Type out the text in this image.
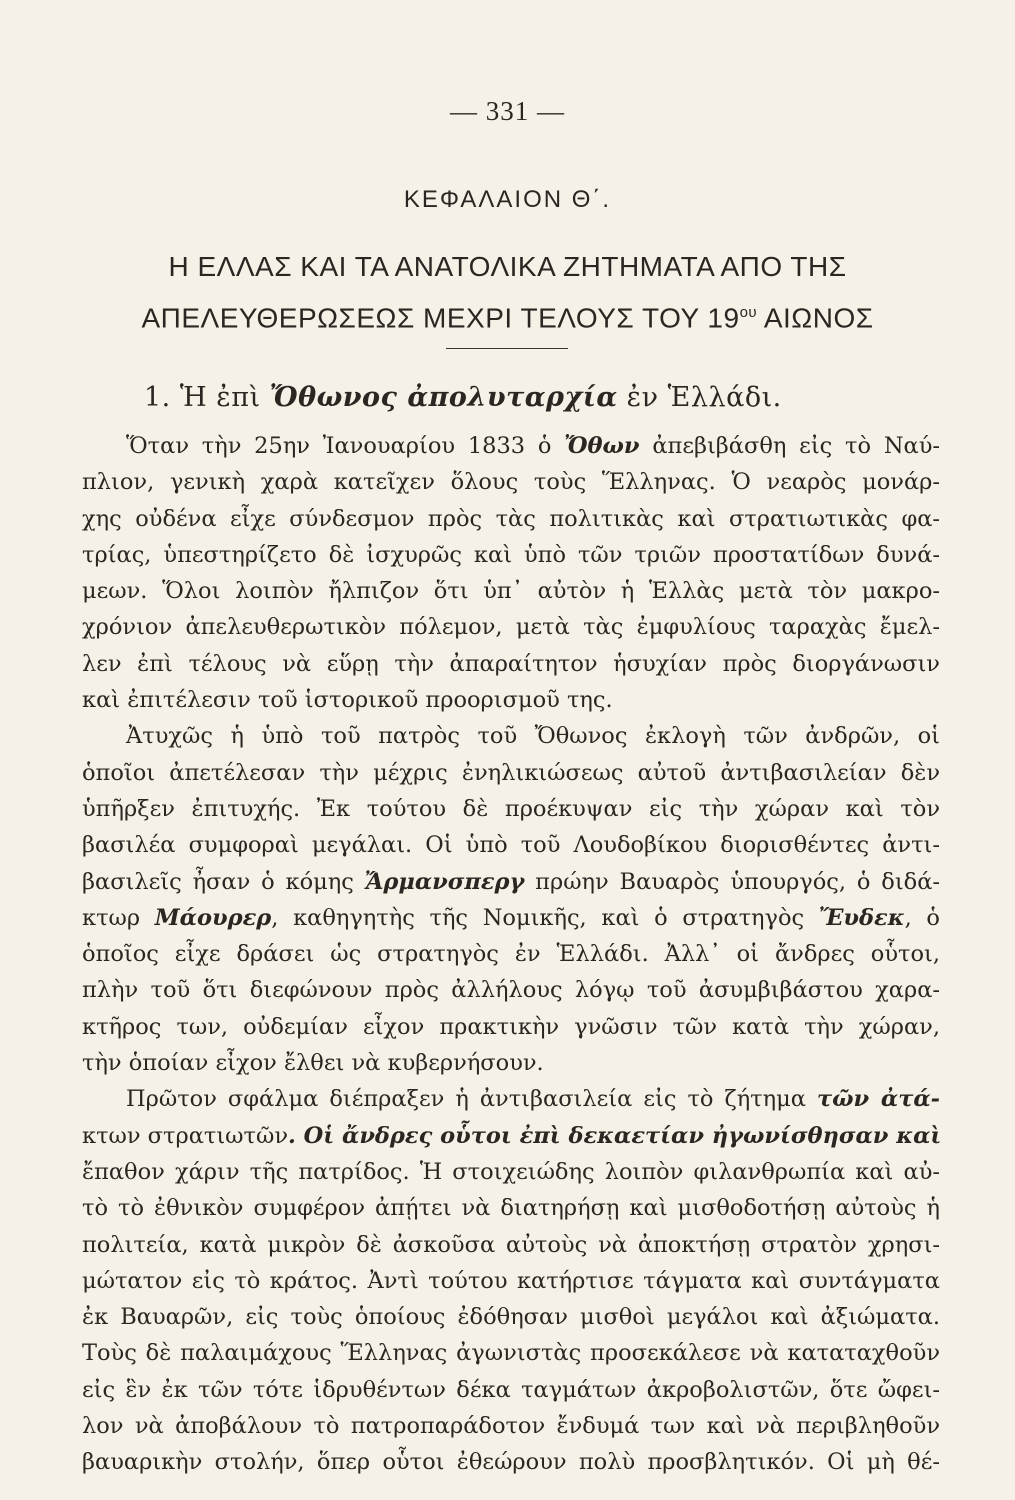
— 331 —
ΚΕΦΑΛΑΙΟΝ Θ΄.
Η ΕΛΛΑΣ ΚΑΙ ΤΑ ΑΝΑΤΟΛΙΚΑ ΖΗΤΗΜΑΤΑ ΑΠΟ ΤΗΣ
ΑΠΕΛΕΥΘΕΡΩΣΕΩΣ ΜΕΧΡΙ ΤΕΛΟΥΣ ΤΟΥ $19^{o\upsilon}$ ΑΙΩΝΟΣ
1. Ἡ ἐπὶ Ὄθωνος ἀπολυταρχία ἐν Ἑλλάδι.
Ὅταν τὴν 25ην Ἰανουαρίου 1833 ὁ Ὄθων ἀπεβιβάσθη εἰς τὸ Ναύ-
πλιον, γενικὴ χαρὰ κατεῖχεν ὅλους τοὺς Ἕλληνας. Ὁ νεαρὸς μονάρ-
χης οὐδένα εἶχε σύνδεσμον πρὸς τὰς πολιτικὰς καὶ στρατιωτικὰς φα-
τρίας, ὑπεστηρίζετο δὲ ἰσχυρῶς καὶ ὑπὸ τῶν τριῶν προστατίδων δυνά-
μεων. Ὅλοι λοιπὸν ἤλπιζον ὅτι ὑπ᾽ αὐτὸν ἡ Ἑλλὰς μετὰ τὸν μακρο-
χρόνιον ἀπελευθερωτικὸν πόλεμον, μετὰ τὰς ἐμφυλίους ταραχὰς ἔμελ-
λεν ἐπὶ τέλους νὰ εὕρῃ τὴν ἀπαραίτητον ἡσυχίαν πρὸς διοργάνωσιν
καὶ ἐπιτέλεσιν τοῦ ἱστορικοῦ προορισμοῦ της.
Ἀτυχῶς ἡ ὑπὸ τοῦ πατρὸς τοῦ Ὄθωνος ἐκλογὴ τῶν ἀνδρῶν, οἱ
ὁποῖοι ἀπετέλεσαν τὴν μέχρις ἐνηλικιώσεως αὐτοῦ ἀντιβασιλείαν δὲν
ὑπῆρξεν ἐπιτυχής. Ἐκ τούτου δὲ προέκυψαν εἰς τὴν χώραν καὶ τὸν
βασιλέα συμφοραὶ μεγάλαι. Οἱ ὑπὸ τοῦ Λουδοβίκου διορισθέντες ἀντι-
βασιλεῖς ἦσαν ὁ κόμης Ἄρμανσπεργ πρώην Βαυαρὸς ὑπουργός, ὁ διδά-
κτωρ Μάουρερ, καθηγητὴς τῆς Νομικῆς, καὶ ὁ στρατηγὸς Ἔυδεκ, ὁ
ὁποῖος εἶχε δράσει ὡς στρατηγὸς ἐν Ἑλλάδι. Ἀλλ᾽ οἱ ἄνδρες οὗτοι,
πλὴν τοῦ ὅτι διεφώνουν πρὸς ἀλλήλους λόγῳ τοῦ ἀσυμβιβάστου χαρα-
κτῆρος των, οὐδεμίαν εἶχον πρακτικὴν γνῶσιν τῶν κατὰ τὴν χώραν,
τὴν ὁποίαν εἶχον ἔλθει νὰ κυβερνήσουν.
Πρῶτον σφάλμα διέπραξεν ἡ ἀντιβασιλεία εἰς τὸ ζήτημα τῶν ἀτά-
κτων στρατιωτῶν. Οἱ ἄνδρες οὗτοι ἐπὶ δεκαετίαν ἠγωνίσθησαν καὶ
ἔπαθον χάριν τῆς πατρίδος. Ἡ στοιχειώδης λοιπὸν φιλανθρωπία καὶ αὐ-
τὸ τὸ ἐθνικὸν συμφέρον ἀπῄτει νὰ διατηρήσῃ καὶ μισθοδοτήσῃ αὐτοὺς ἡ
πολιτεία, κατὰ μικρὸν δὲ ἀσκοῦσα αὐτοὺς νὰ ἀποκτήσῃ στρατὸν χρησι-
μώτατον εἰς τὸ κράτος. Ἀντὶ τούτου κατήρτισε τάγματα καὶ συντάγματα
ἐκ Βαυαρῶν, εἰς τοὺς ὁποίους ἐδόθησαν μισθοὶ μεγάλοι καὶ ἀξιώματα.
Τοὺς δὲ παλαιμάχους Ἕλληνας ἀγωνιστὰς προσεκάλεσε νὰ καταταχθοῦν
εἰς ἓν ἐκ τῶν τότε ἱδρυθέντων δέκα ταγμάτων ἀκροβολιστῶν, ὅτε ὤφει-
λον νὰ ἀποβάλουν τὸ πατροπαράδοτον ἔνδυμά των καὶ νὰ περιβληθοῦν
βαυαρικὴν στολήν, ὅπερ οὗτοι ἐθεώρουν πολὺ προσβλητικόν. Οἱ μὴ θέ-
